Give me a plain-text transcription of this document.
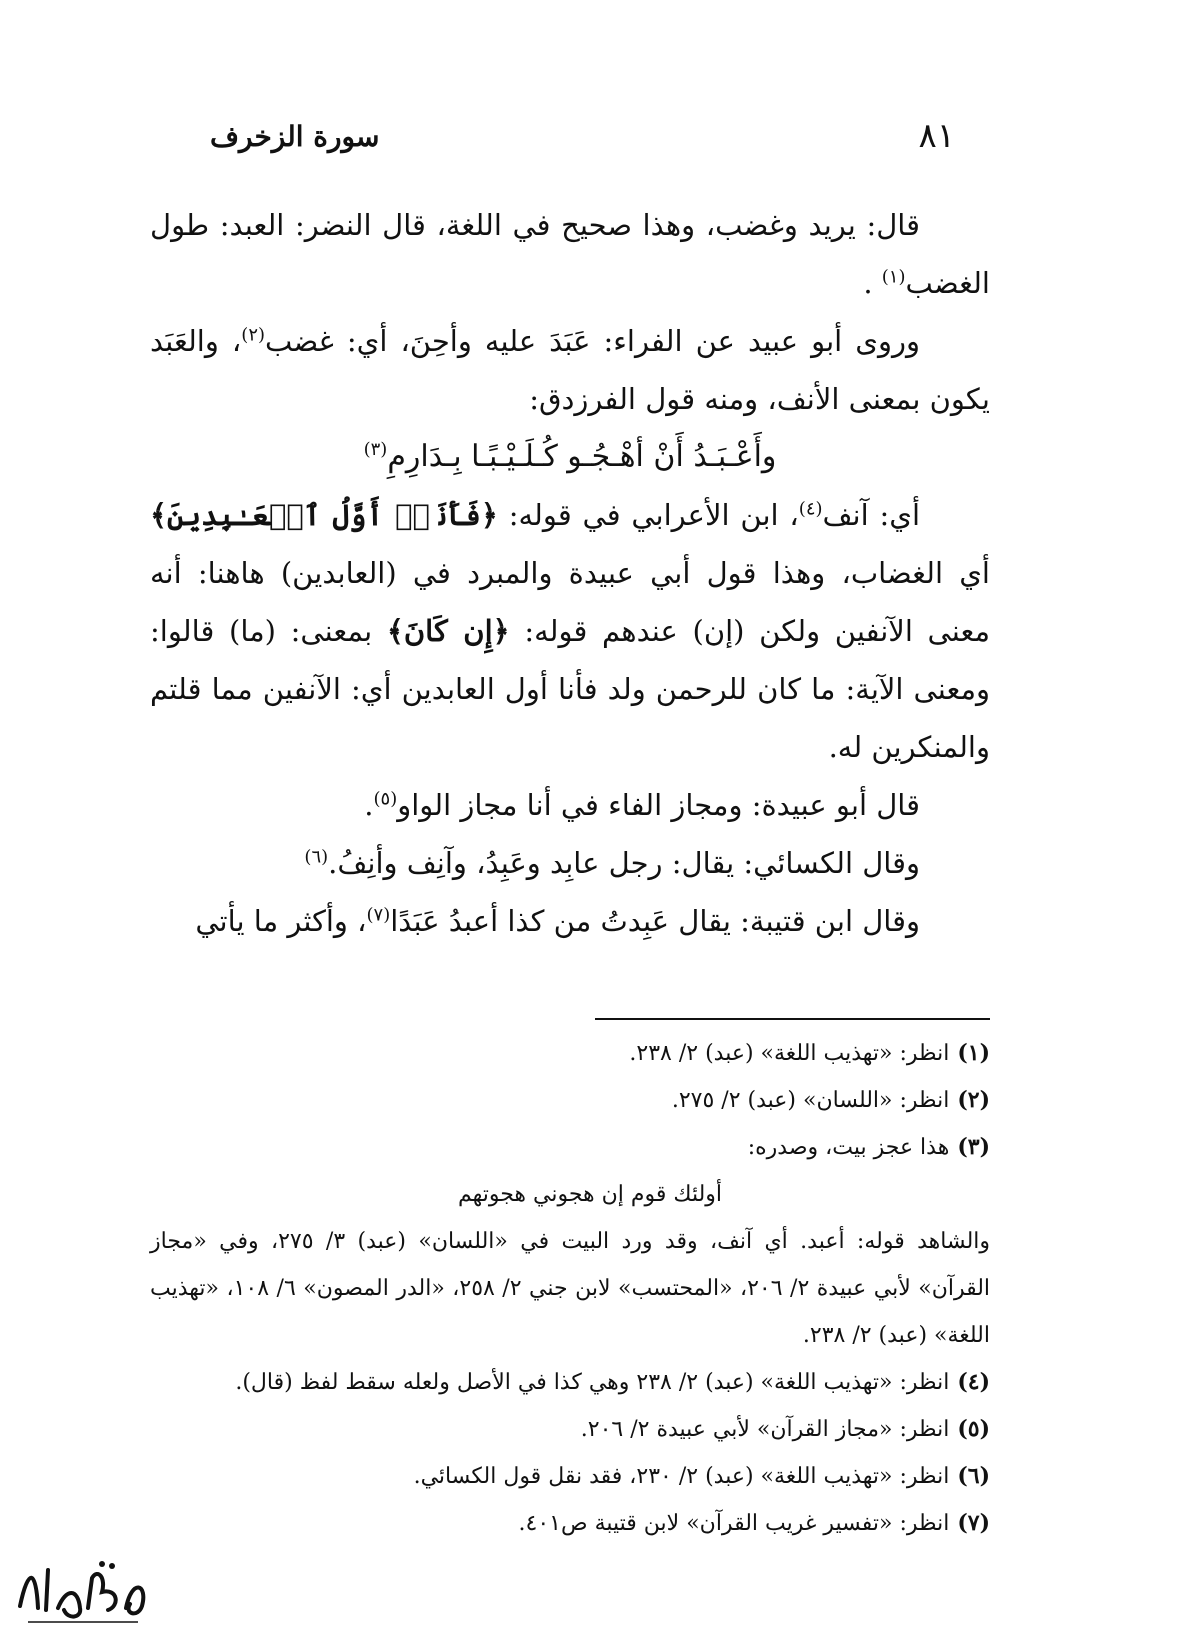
٨١
سورة الزخرف

قال: يريد وغضب، وهذا صحيح في اللغة، قال النضر: العبد: طول الغضب$^{(١)}$ .

وروى أبو عبيد عن الفراء: عَبَدَ عليه وأحِنَ، أي: غضب$^{(٢)}$، والعَبَد يكون بمعنى الأنف، ومنه قول الفرزدق:

وأَعْـبَـدُ أَنْ أهْـجُـو كُـلَـيْـبًـا بِـدَارِمِ$^{(٣)}$

أي: آنف$^{(٤)}$، ابن الأعرابي في قوله: ﴿فَأَنَا۠ أَوَّلُ ٱلۡعَـٰبِدِينَ﴾ أي الغضاب، وهذا قول أبي عبيدة والمبرد في (العابدين) هاهنا: أنه معنى الآنفين ولكن (إن) عندهم قوله: ﴿إِن كَانَ﴾ بمعنى: (ما) قالوا: ومعنى الآية: ما كان للرحمن ولد فأنا أول العابدين أي: الآنفين مما قلتم والمنكرين له.

قال أبو عبيدة: ومجاز الفاء في أنا مجاز الواو$^{(٥)}$.

وقال الكسائي: يقال: رجل عابِد وعَبِدُ، وآنِف وأنِفُ.$^{(٦)}$

وقال ابن قتيبة: يقال عَبِدتُ من كذا أعبدُ عَبَدًا$^{(٧)}$، وأكثر ما يأتي

(١)انظر: «تهذيب اللغة» (عبد) ٢/ ٢٣٨.

(٢)انظر: «اللسان» (عبد) ٢/ ٢٧٥.

(٣)هذا عجز بيت، وصدره:

أولئك قوم إن هجوني هجوتهم

والشاهد قوله: أعبد. أي آنف، وقد ورد البيت في «اللسان» (عبد) ٣/ ٢٧٥، وفي «مجاز القرآن» لأبي عبيدة ٢/ ٢٠٦، «المحتسب» لابن جني ٢/ ٢٥٨، «الدر المصون» ٦/ ١٠٨، «تهذيب اللغة» (عبد) ٢/ ٢٣٨.

(٤)انظر: «تهذيب اللغة» (عبد) ٢/ ٢٣٨ وهي كذا في الأصل ولعله سقط لفظ (قال).

(٥)انظر: «مجاز القرآن» لأبي عبيدة ٢/ ٢٠٦.

(٦)انظر: «تهذيب اللغة» (عبد) ٢/ ٢٣٠، فقد نقل قول الكسائي.

(٧)انظر: «تفسير غريب القرآن» لابن قتيبة ص٤٠١.
